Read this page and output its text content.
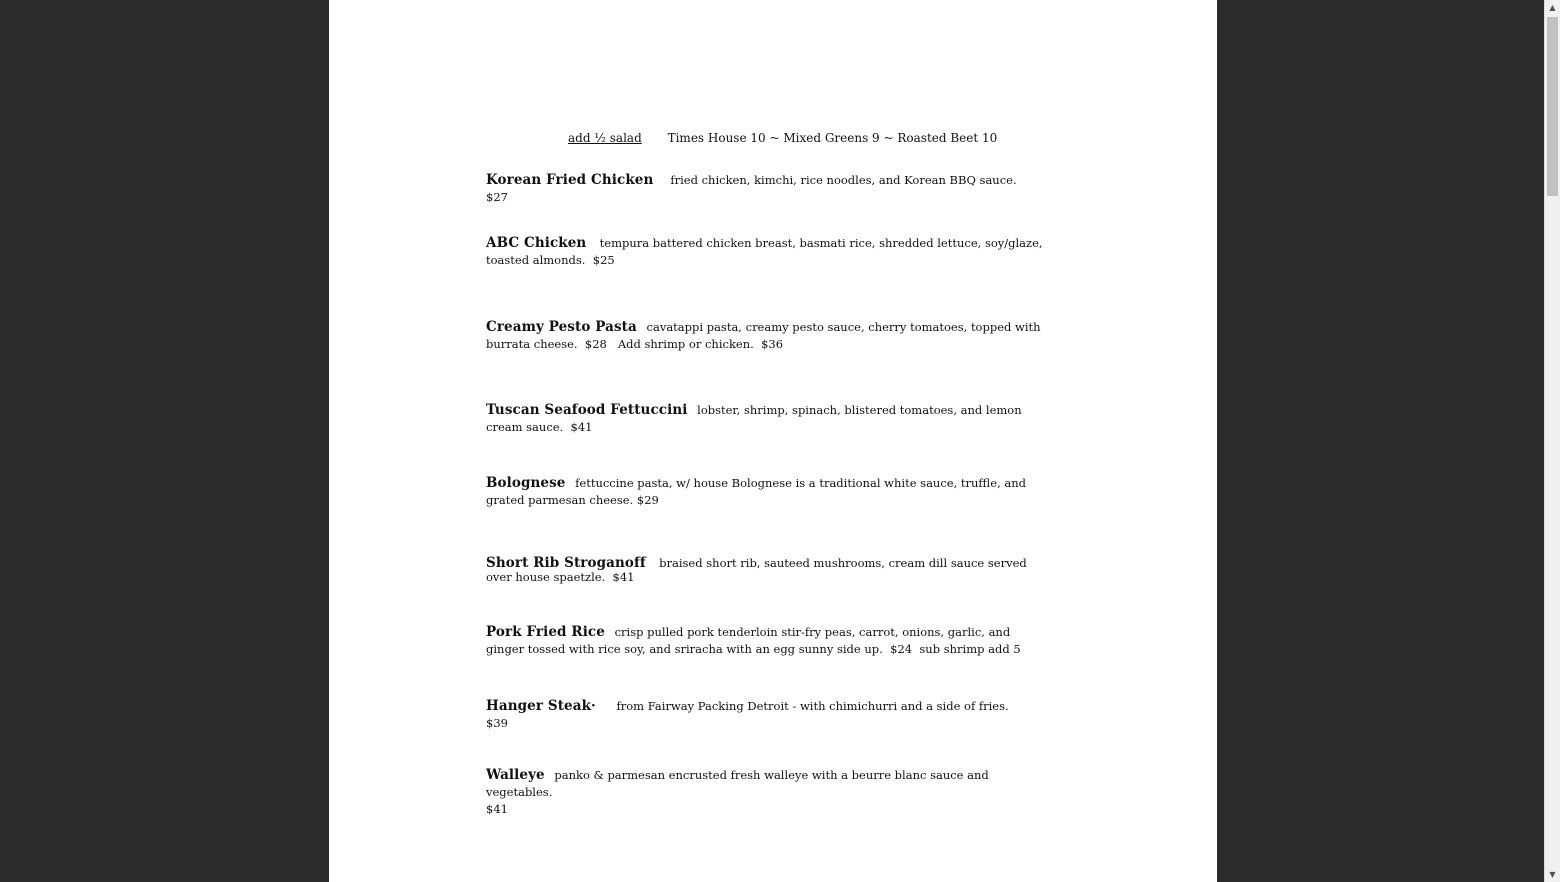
add ½ salad Times House 10 ~ Mixed Greens 9 ~ Roasted Beet 10
Korean Fried Chicken fried chicken, kimchi, rice noodles, and Korean BBQ sauce.
$27
ABC Chicken tempura battered chicken breast, basmati rice, shredded lettuce, soy/glaze, toasted almonds. $25
Creamy Pesto Pasta cavatappi pasta, creamy pesto sauce, cherry tomatoes, topped with burrata cheese. $28 Add shrimp or chicken. $36
Tuscan Seafood Fettuccini lobster, shrimp, spinach, blistered tomatoes, and lemon cream sauce. $41
Bolognese fettuccine pasta, w/ house Bolognese is a traditional white sauce, truffle, and grated parmesan cheese. $29
Short Rib Stroganoff braised short rib, sauteed mushrooms, cream dill sauce served over house spaetzle. $41
Pork Fried Rice crisp pulled pork tenderloin stir-fry peas, carrot, onions, garlic, and ginger tossed with rice soy, and sriracha with an egg sunny side up. $24 sub shrimp add 5
Hanger Steak· from Fairway Packing Detroit - with chimichurri and a side of fries.
$39
Walleye panko & parmesan encrusted fresh walleye with a beurre blanc sauce and vegetables.
$41
▲
▼
